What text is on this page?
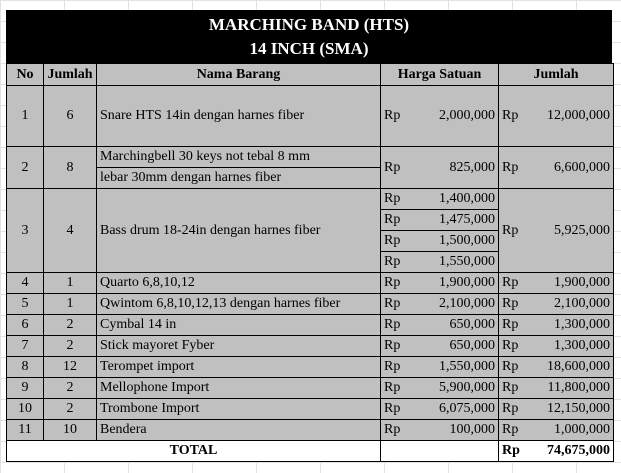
MARCHING BAND (HTS)
14 INCH (SMA)
No	Jumlah	Nama Barang	Harga Satuan	Jumlah
1	6	Snare HTS 14in dengan harnes fiber	Rp 2,000,000	Rp 12,000,000

2	8	Marchingbell 30 keys not tebal 8 mm	Rp 825,000	Rp 6,600,000

		lebar 30mm dengan harnes fiber		
3	4	Bass drum 18-24in dengan harnes fiber	Rp 1,400,000	Rp 5,925,000

			Rp 1,475,000	

			Rp 1,500,000	

			Rp 1,550,000	

4	1	Quarto 6,8,10,12	Rp 1,900,000	Rp 1,900,000

5	1	Qwintom 6,8,10,12,13 dengan harnes fiber	Rp 2,100,000	Rp 2,100,000

6	2	Cymbal 14 in	Rp 650,000	Rp 1,300,000

7	2	Stick mayoret Fyber	Rp 650,000	Rp 1,300,000

8	12	Terompet import	Rp 1,550,000	Rp 18,600,000

9	2	Mellophone Import	Rp 5,900,000	Rp 11,800,000

10	2	Trombone Import	Rp 6,075,000	Rp 12,150,000

11	10	Bendera	Rp 100,000	Rp 1,000,000

TOTAL				Rp 74,675,000
